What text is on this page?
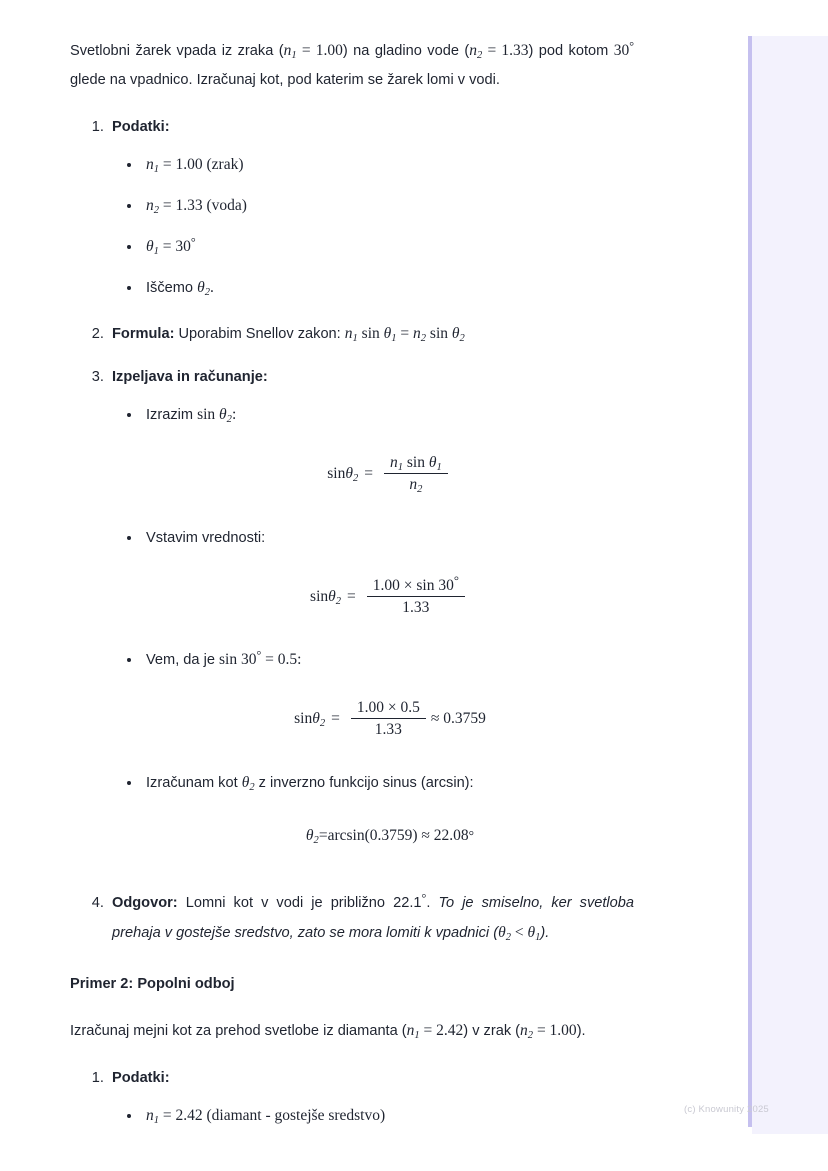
Svetlobni žarek vpada iz zraka $(n_1 = 1.00)$ na gladino vode $(n_2 = 1.33)$ pod kotom 30° glede na vpadnico. Izračunaj kot, pod katerim se žarek lomi v vodi.

1. Podatki:
• $n_1 = 1.00$ (zrak)
• $n_2 = 1.33$ (voda)
• $\theta_1 = 30^\circ$
• Iščemo $\theta_2$.
2. Formula: Uporabim Snellov zakon: $n_1$ $\sin \theta_1 = n_2$ $\sin \theta_2$
3. Izpeljava in računanje:
• Izrazim $\sin \theta_2$:
sin θ $_2 = \frac{n_1 \sin \theta_1}{n_2}$
• Vstavim vrednosti:
sin θ $_2 = \frac{1.00 \times \sin 30^\circ}{1.33}$
• Vem, da je sin 30° = 0.5:
sin θ $_2 = \frac{1.00 \times 0.5}{1.33} \approx 0.3759$
• Izračunam kot $\theta_2$ z inverzno funkcijo sinus (arcsin):
θ $_2$ = arcsin(0.3759) ≈ 22.08 °

4. Odgovor: Lomni kot v vodi je približno 22.1°. To je smiselno, ker svetloba prehaja v gostejše sredstvo, zato se mora lomiti k vpadnici $(\theta_2 < \theta_1)$.

Primer 2: Popolni odboj

Izračunaj mejni kot za prehod svetlobe iz diamanta $(n_1 = 2.42)$ v zrak $(n_2 = 1.00)$.

1. Podatki:
• $n_1 = 2.42$ (diamant - gostejše sredstvo)	(c) Knowunity 2025
